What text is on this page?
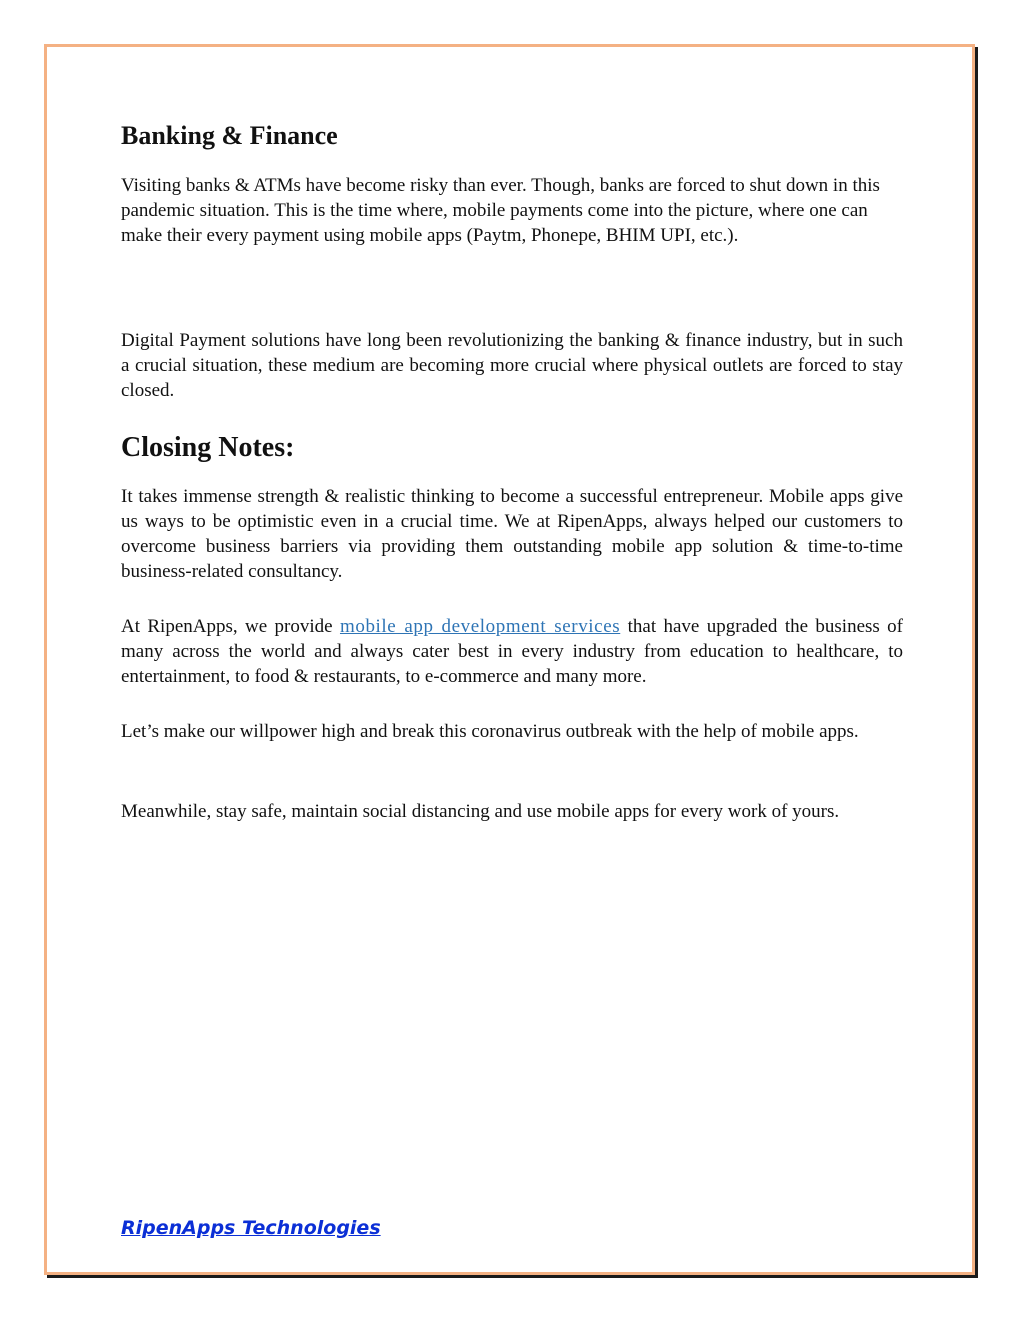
Banking & Finance

Visiting banks & ATMs have become risky than ever. Though, banks are forced to shut down in this pandemic situation. This is the time where, mobile payments come into the picture, where one can make their every payment using mobile apps (Paytm, Phonepe, BHIM UPI, etc.).

Digital Payment solutions have long been revolutionizing the banking & finance industry, but in such a crucial situation, these medium are becoming more crucial where physical outlets are forced to stay closed.

Closing Notes:

It takes immense strength & realistic thinking to become a successful entrepreneur. Mobile apps give us ways to be optimistic even in a crucial time. We at RipenApps, always helped our customers to overcome business barriers via providing them outstanding mobile app solution & time-to-time business-related consultancy.

At RipenApps, we provide mobile app development services that have upgraded the business of many across the world and always cater best in every industry from education to healthcare, to entertainment, to food & restaurants, to e-commerce and many more.

Let’s make our willpower high and break this coronavirus outbreak with the help of mobile apps.

Meanwhile, stay safe, maintain social distancing and use mobile apps for every work of yours.

RipenApps Technologies
